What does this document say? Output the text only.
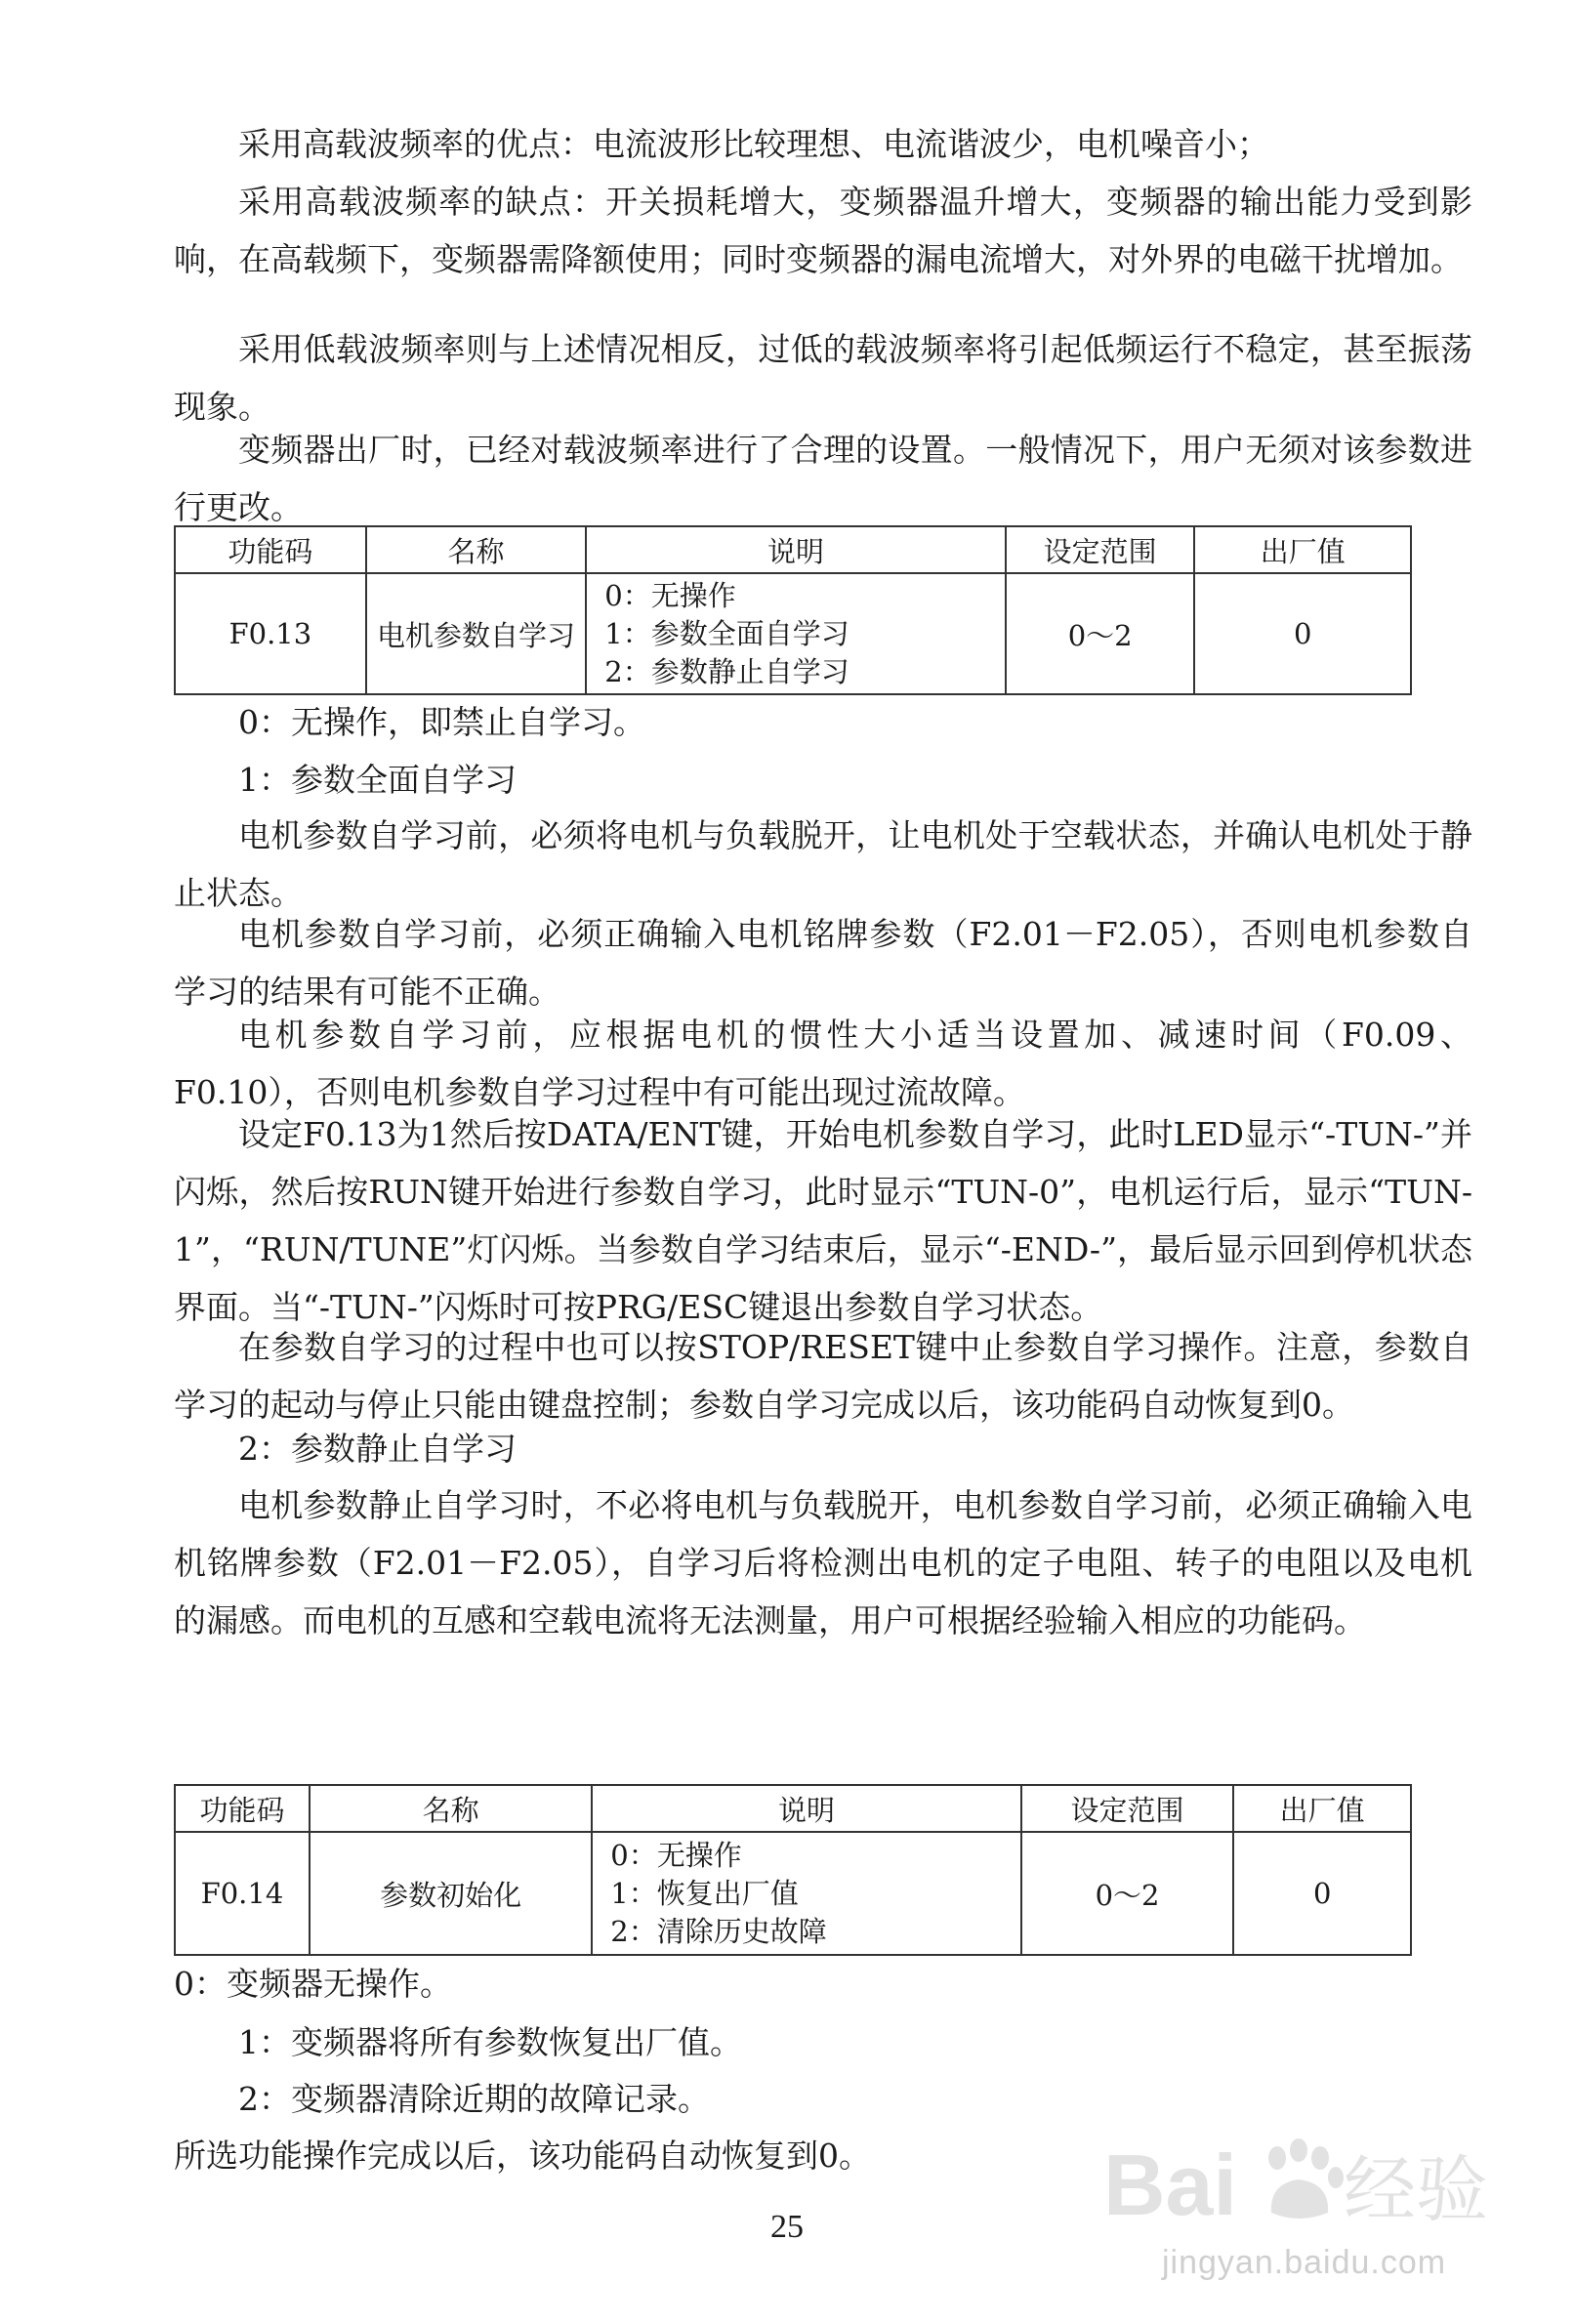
采用高载波频率的优点：电流波形比较理想、电流谐波少，电机噪音小；

采用高载波频率的缺点：开关损耗增大，变频器温升增大，变频器的输出能力受到影响，在高载频下，变频器需降额使用；同时变频器的漏电流增大，对外界的电磁干扰增加。

采用低载波频率则与上述情况相反，过低的载波频率将引起低频运行不稳定，甚至振荡现象。

变频器出厂时，已经对载波频率进行了合理的设置。一般情况下，用户无须对该参数进行更改。

功能码	名称	说明	设定范围	出厂值
F0.13	电机参数自学习	0：无操作
1：参数全面自学习
2：参数静止自学习	0～2	0

0：无操作，即禁止自学习。

1：参数全面自学习

电机参数自学习前，必须将电机与负载脱开，让电机处于空载状态，并确认电机处于静止状态。

电机参数自学习前，必须正确输入电机铭牌参数（F2.01－F2.05），否则电机参数自学习的结果有可能不正确。

电机参数自学习前，应根据电机的惯性大小适当设置加、减速时间（F0.09、F0.10），否则电机参数自学习过程中有可能出现过流故障。

设定F0.13为1然后按DATA/ENT键，开始电机参数自学习，此时LED显示“-TUN-”并闪烁，然后按RUN键开始进行参数自学习，此时显示“TUN-0”，电机运行后，显示“TUN-1”，“RUN/TUNE”灯闪烁。当参数自学习结束后，显示“-END-”，最后显示回到停机状态界面。当“-TUN-”闪烁时可按PRG/ESC键退出参数自学习状态。

在参数自学习的过程中也可以按STOP/RESET键中止参数自学习操作。注意，参数自学习的起动与停止只能由键盘控制；参数自学习完成以后，该功能码自动恢复到0。

2：参数静止自学习

电机参数静止自学习时，不必将电机与负载脱开，电机参数自学习前，必须正确输入电机铭牌参数（F2.01－F2.05），自学习后将检测出电机的定子电阻、转子的电阻以及电机的漏感。而电机的互感和空载电流将无法测量，用户可根据经验输入相应的功能码。

功能码	名称	说明	设定范围	出厂值
F0.14	参数初始化	0：无操作
1：恢复出厂值
2：清除历史故障	0～2	0

0：变频器无操作。

1：变频器将所有参数恢复出厂值。

2：变频器清除近期的故障记录。

所选功能操作完成以后，该功能码自动恢复到0。

25	Bai 经验
jingyan.baidu.com
